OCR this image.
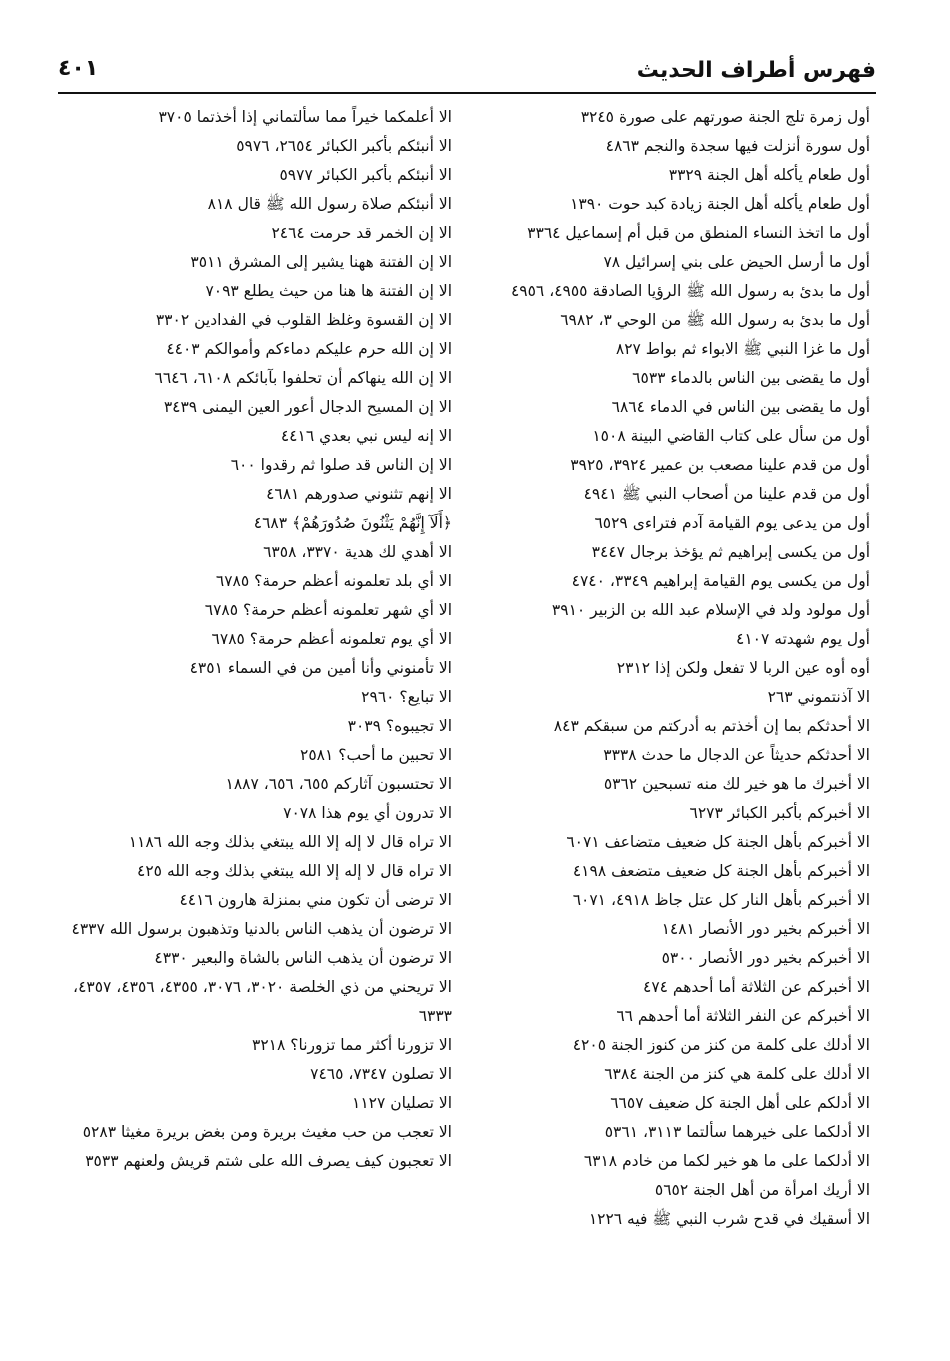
فهرس أطراف الحديث
٤٠١

أول زمرة تلج الجنة صورتهم على صورة ٣٢٤٥

أول سورة أنزلت فيها سجدة والنجم ٤٨٦٣

أول طعام يأكله أهل الجنة ٣٣٢٩

أول طعام يأكله أهل الجنة زيادة كبد حوت ١٣٩٠

أول ما اتخذ النساء المنطق من قبل أم إسماعيل ٣٣٦٤

أول ما أرسل الحيض على بني إسرائيل ٧٨

أول ما بدئ به رسول الله ﷺ الرؤيا الصادقة ٤٩٥٥، ٤٩٥٦

أول ما بدئ به رسول الله ﷺ من الوحي ٣، ٦٩٨٢

أول ما غزا النبي ﷺ الابواء ثم بواط ٨٢٧

أول ما يقضى بين الناس بالدماء ٦٥٣٣

أول ما يقضى بين الناس في الدماء ٦٨٦٤

أول من سأل على كتاب القاضي البينة ١٥٠٨

أول من قدم علينا مصعب بن عمير ٣٩٢٤، ٣٩٢٥

أول من قدم علينا من أصحاب النبي ﷺ ٤٩٤١

أول من يدعى يوم القيامة آدم فتراءى ٦٥٢٩

أول من يكسى إبراهيم ثم يؤخذ برجال ٣٤٤٧

أول من يكسى يوم القيامة إبراهيم ٣٣٤٩، ٤٧٤٠

أول مولود ولد في الإسلام عبد الله بن الزبير ٣٩١٠

أول يوم شهدته ٤١٠٧

أوه أوه عين الربا لا تفعل ولكن إذا ٢٣١٢

الا آذنتموني ٢٦٣

الا أحدثكم بما إن أخذتم به أدركتم من سبقكم ٨٤٣

الا أحدثكم حديثاً عن الدجال ما حدث ٣٣٣٨

الا أخبرك ما هو خير لك منه تسبحين ٥٣٦٢

الا أخبركم بأكبر الكبائر ٦٢٧٣

الا أخبركم بأهل الجنة كل ضعيف متضاعف ٦٠٧١

الا أخبركم بأهل الجنة كل ضعيف متضعف ٤١٩٨

الا أخبركم بأهل النار كل عتل جاظ ٤٩١٨، ٦٠٧١

الا أخبركم بخير دور الأنصار ١٤٨١

الا أخبركم بخير دور الأنصار ٥٣٠٠

الا أخبركم عن الثلاثة أما أحدهم ٤٧٤

الا أخبركم عن النفر الثلاثة أما أحدهم ٦٦

الا أدلك على كلمة من كنز من كنوز الجنة ٤٢٠٥

الا أدلك على كلمة هي كنز من الجنة ٦٣٨٤

الا أدلكم على أهل الجنة كل ضعيف ٦٦٥٧

الا أدلكما على خيرهما سألتما ٣١١٣، ٥٣٦١

الا أدلكما على ما هو خير لكما من خادم ٦٣١٨

الا أريك امرأة من أهل الجنة ٥٦٥٢

الا أسقيك في قدح شرب النبي ﷺ فيه ١٢٢٦

الا أعلمكما خيراً مما سألتماني إذا أخذتما ٣٧٠٥

الا أنبئكم بأكبر الكبائر ٢٦٥٤، ٥٩٧٦

الا أنبئكم بأكبر الكبائر ٥٩٧٧

الا أنبئكم صلاة رسول الله ﷺ قال ٨١٨

الا إن الخمر قد حرمت ٢٤٦٤

الا إن الفتنة ههنا يشير إلى المشرق ٣٥١١

الا إن الفتنة ها هنا من حيث يطلع ٧٠٩٣

الا إن القسوة وغلظ القلوب في الفدادين ٣٣٠٢

الا إن الله حرم عليكم دماءكم وأموالكم ٤٤٠٣

الا إن الله ينهاكم أن تحلفوا بآبائكم ٦١٠٨، ٦٦٤٦

الا إن المسيح الدجال أعور العين اليمنى ٣٤٣٩

الا إنه ليس نبي بعدي ٤٤١٦

الا إن الناس قد صلوا ثم رقدوا ٦٠٠

الا إنهم تثنوني صدورهم ٤٦٨١

﴿أَلَآ إِنَّهُمْ يَثْنُونَ صُدُورَهُمْ﴾ ٤٦٨٣

الا أهدي لك هدية ٣٣٧٠، ٦٣٥٨

الا أي بلد تعلمونه أعظم حرمة؟ ٦٧٨٥

الا أي شهر تعلمونه أعظم حرمة؟ ٦٧٨٥

الا أي يوم تعلمونه أعظم حرمة؟ ٦٧٨٥

الا تأمنوني وأنا أمين من في السماء ٤٣٥١

الا تبايع؟ ٢٩٦٠

الا تجيبوه؟ ٣٠٣٩

الا تحبين ما أحب؟ ٢٥٨١

الا تحتسبون آثاركم ٦٥٥، ٦٥٦، ١٨٨٧

الا تدرون أي يوم هذا ٧٠٧٨

الا تراه قال لا إله إلا الله يبتغي بذلك وجه الله ١١٨٦

الا تراه قال لا إله إلا الله يبتغي بذلك وجه الله ٤٢٥

الا ترضى أن تكون مني بمنزلة هارون ٤٤١٦

الا ترضون أن يذهب الناس بالدنيا وتذهبون برسول الله ٤٣٣٧

الا ترضون أن يذهب الناس بالشاة والبعير ٤٣٣٠

الا تريحني من ذي الخلصة ٣٠٢٠، ٣٠٧٦، ٤٣٥٥، ٤٣٥٦، ٤٣٥٧، ٦٣٣٣

الا تزورنا أكثر مما تزورنا؟ ٣٢١٨

الا تصلون ٧٣٤٧، ٧٤٦٥

الا تصليان ١١٢٧

الا تعجب من حب مغيث بريرة ومن بغض بريرة مغيثا ٥٢٨٣

الا تعجبون كيف يصرف الله على شتم قريش ولعنهم ٣٥٣٣
